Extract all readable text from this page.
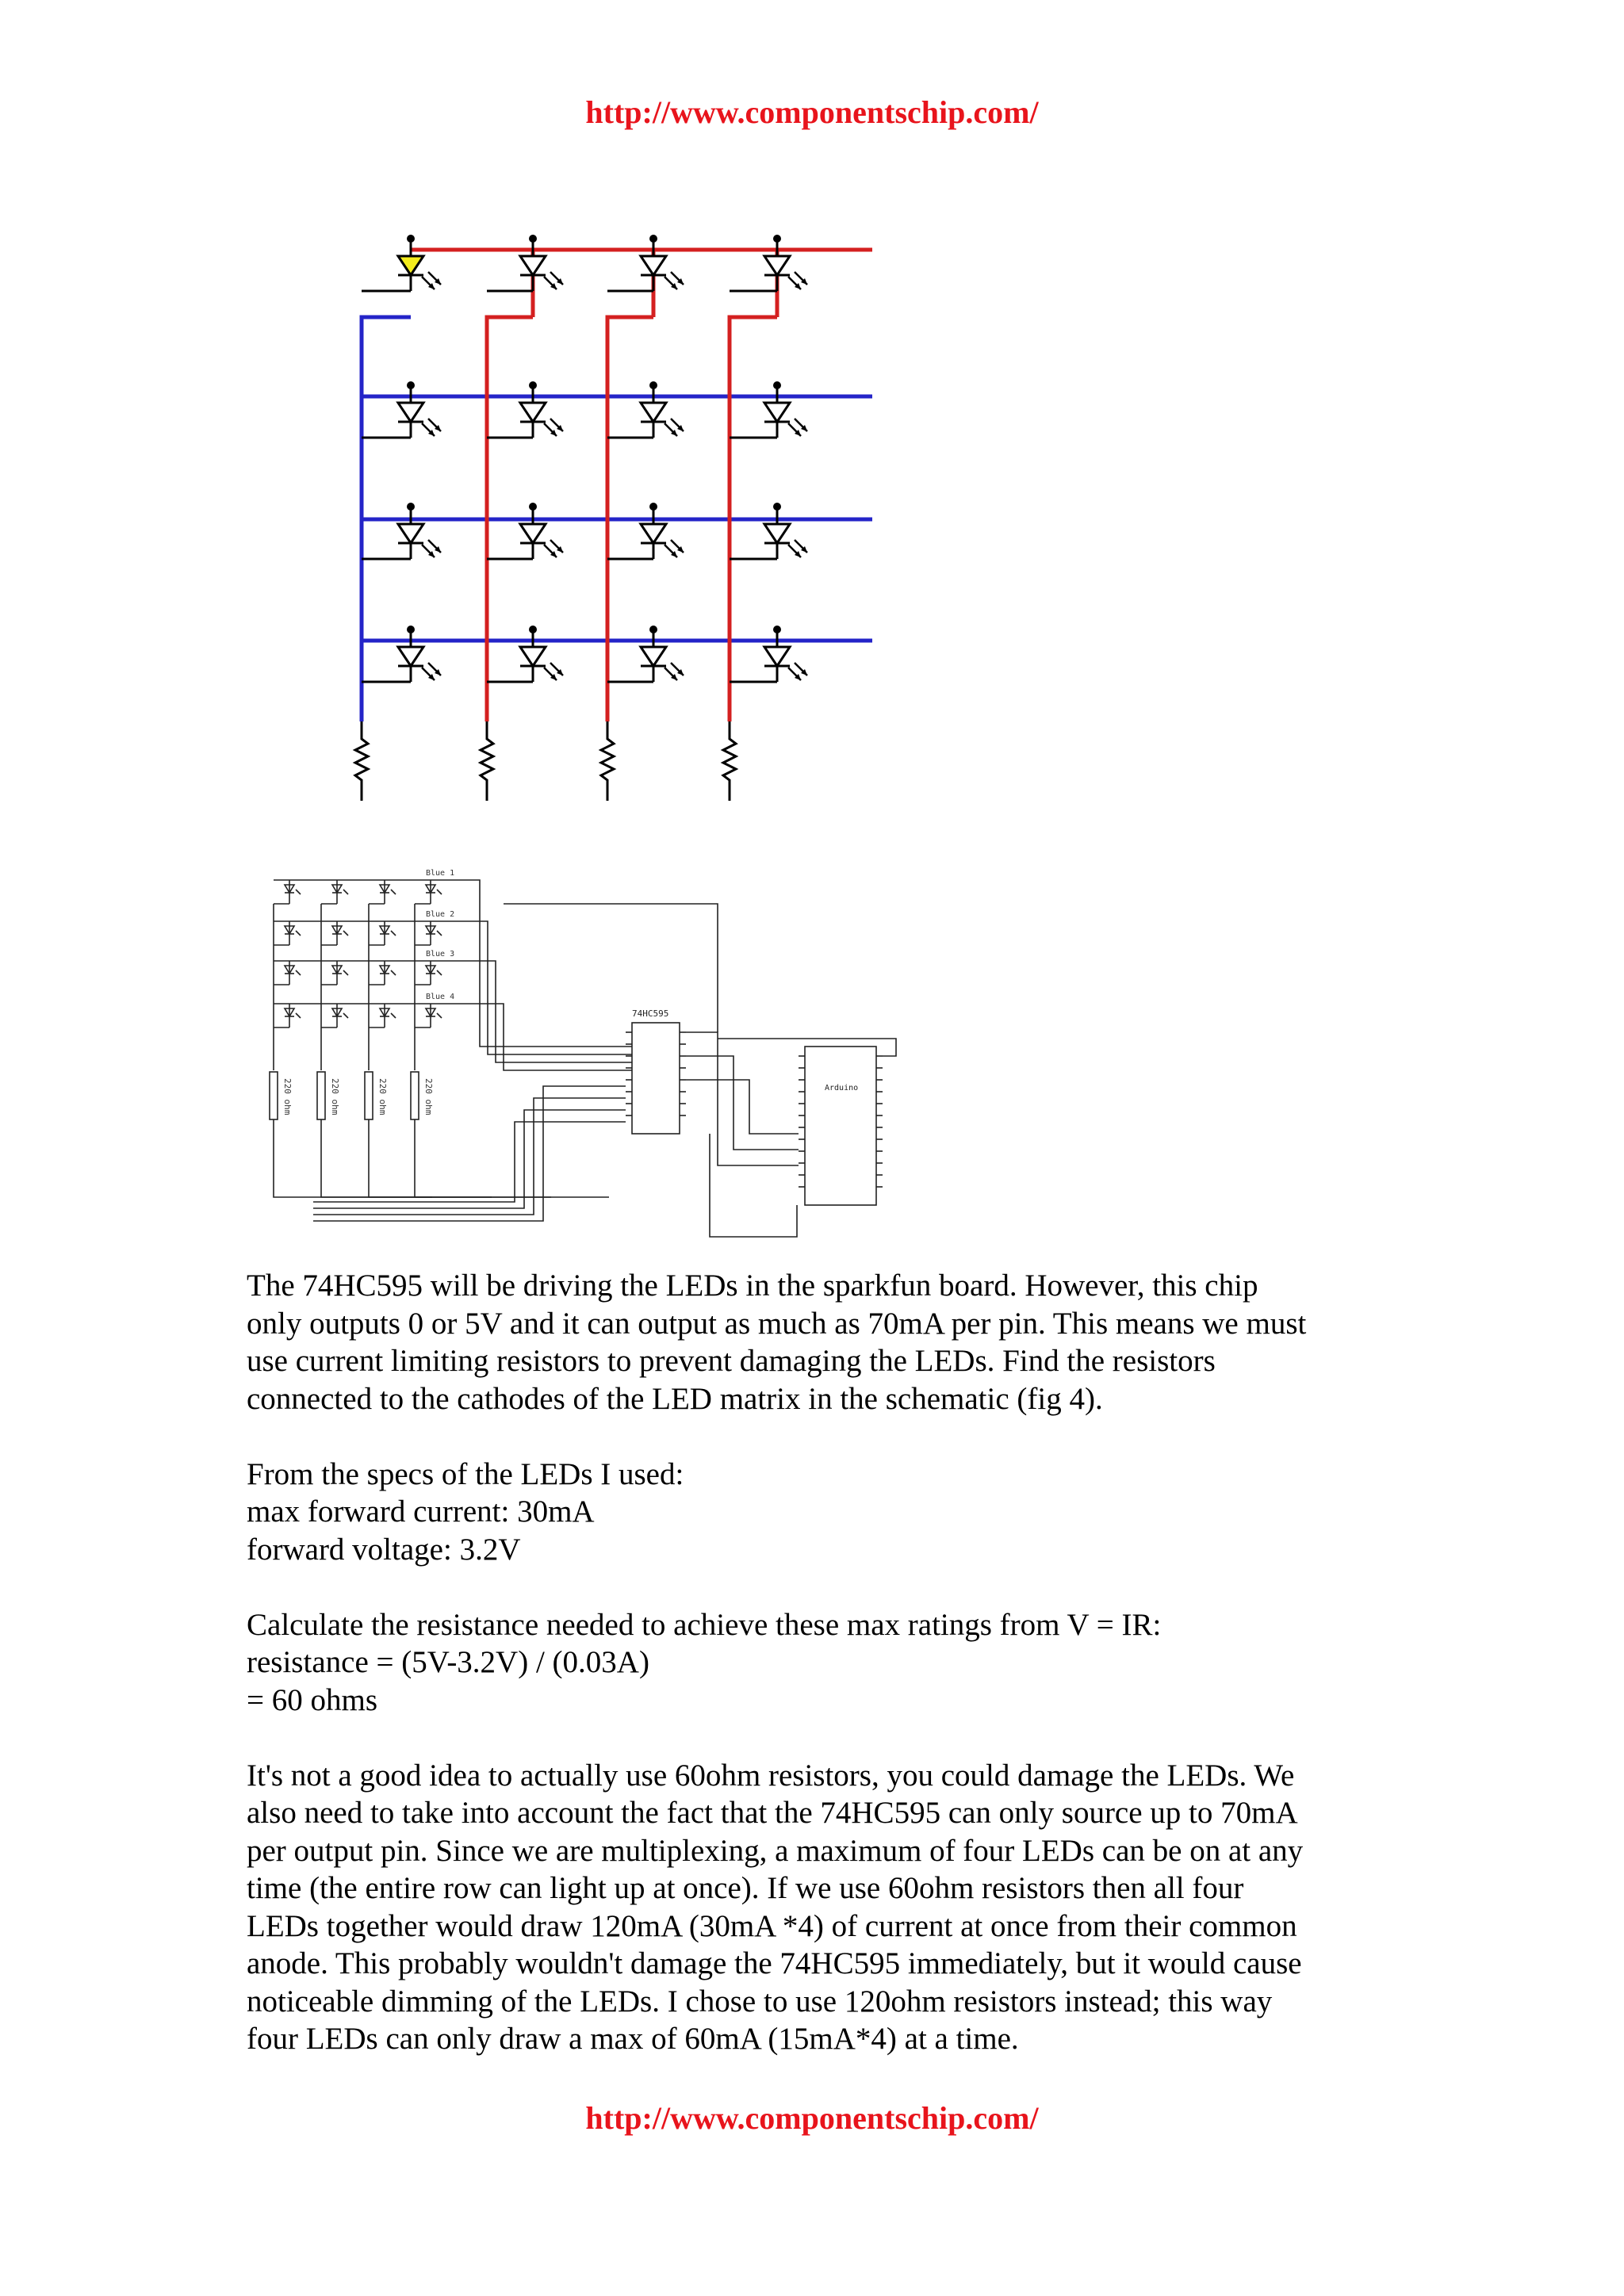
http://www.componentschip.com/
220 ohm	220 ohm	220 ohm	220 ohm
Blue 1
Blue 2
Blue 3
Blue 4
74HC595
Arduino

The 74HC595 will be driving the LEDs in the sparkfun board. However, this chip
only outputs 0 or 5V and it can output as much as 70mA per pin. This means we must
use current limiting resistors to prevent damaging the LEDs. Find the resistors
connected to the cathodes of the LED matrix in the schematic (fig 4).

From the specs of the LEDs I used:
max forward current: 30mA
forward voltage: 3.2V

Calculate the resistance needed to achieve these max ratings from V = IR:
resistance = (5V-3.2V) / (0.03A)
= 60 ohms

It's not a good idea to actually use 60ohm resistors, you could damage the LEDs. We
also need to take into account the fact that the 74HC595 can only source up to 70mA
per output pin. Since we are multiplexing, a maximum of four LEDs can be on at any
time (the entire row can light up at once). If we use 60ohm resistors then all four
LEDs together would draw 120mA (30mA *4) of current at once from their common
anode. This probably wouldn't damage the 74HC595 immediately, but it would cause
noticeable dimming of the LEDs. I chose to use 120ohm resistors instead; this way
four LEDs can only draw a max of 60mA (15mA*4) at a time.

http://www.componentschip.com/
